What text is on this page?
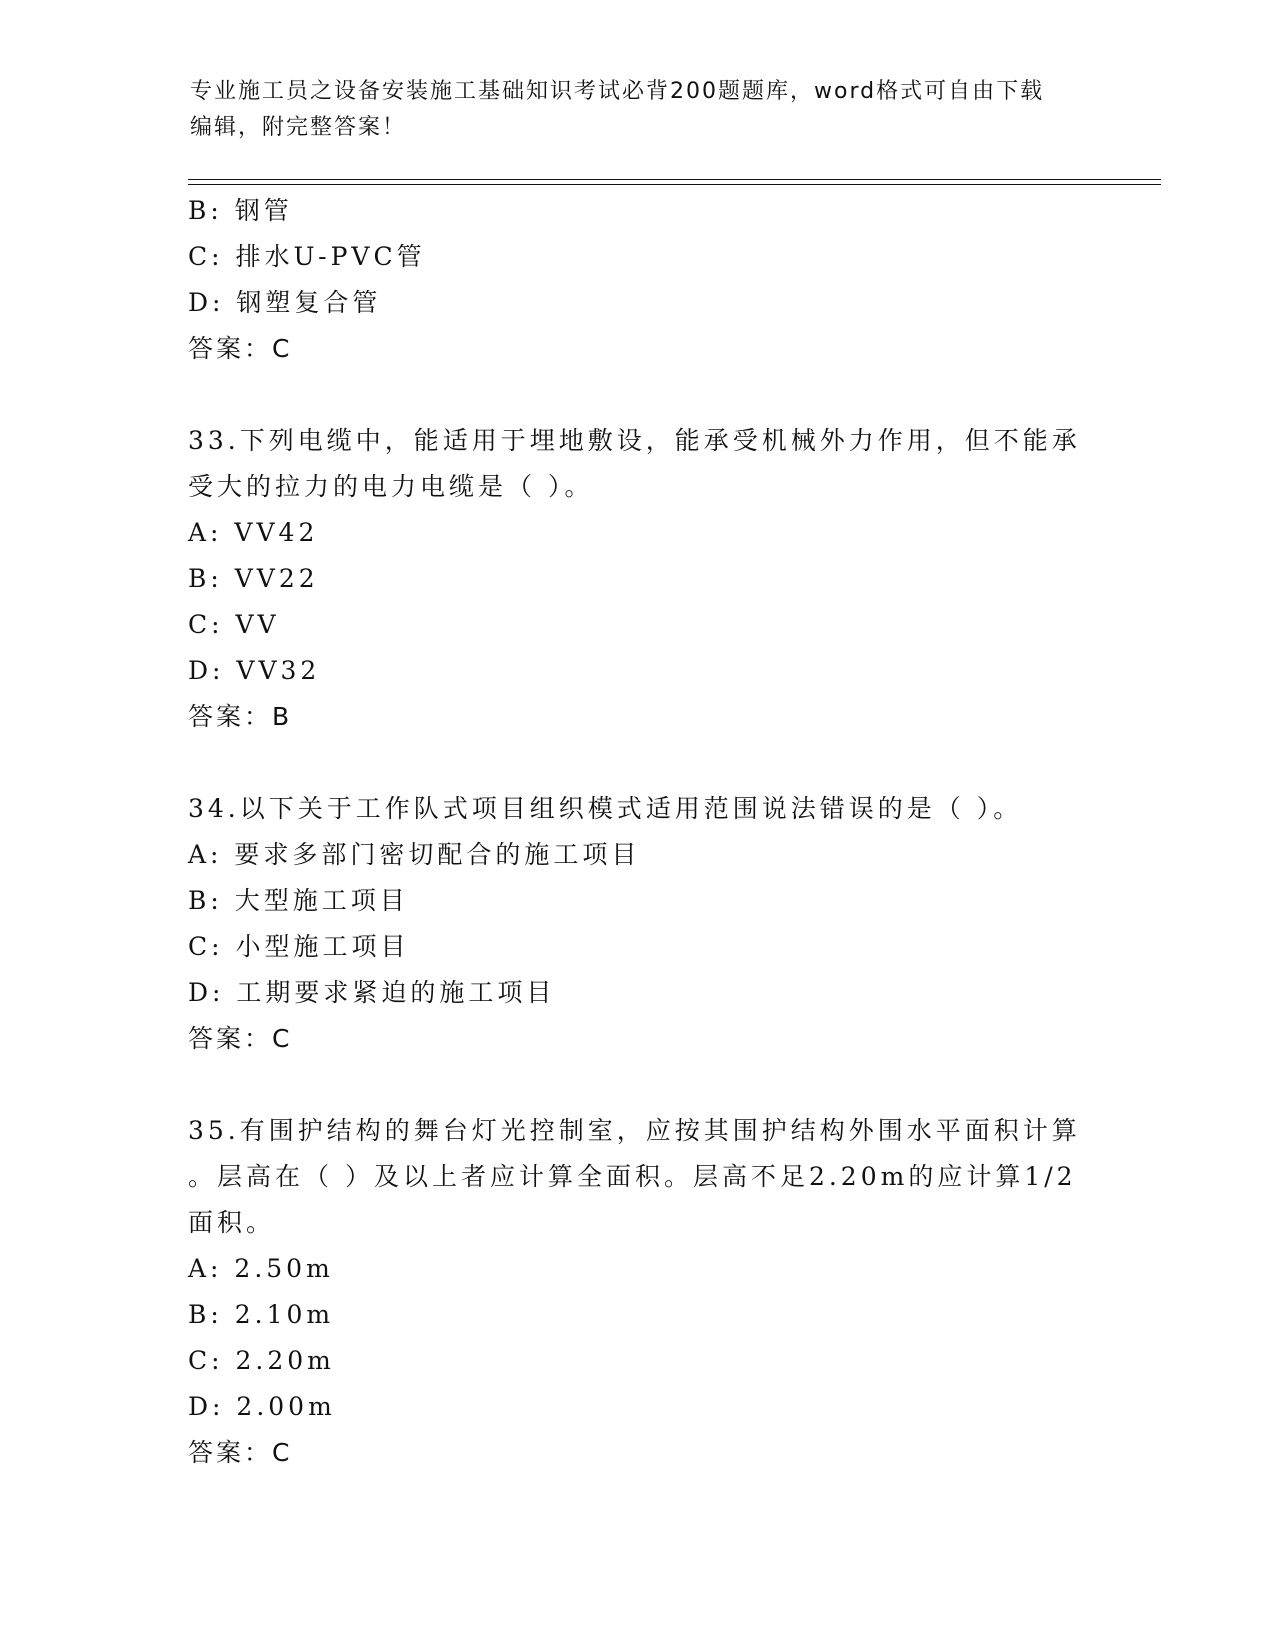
专业施工员之设备安装施工基础知识考试必背200题题库，word格式可自由下载
编辑，附完整答案！
B: 钢管
C: 排水U-PVC管
D: 钢塑复合管
答案：C
33.下列电缆中，能适用于埋地敷设，能承受机械外力作用，但不能承
受大的拉力的电力电缆是（ ）。
A: VV42
B: VV22
C: VV
D: VV32
答案：B
34.以下关于工作队式项目组织模式适用范围说法错误的是（ ）。
A: 要求多部门密切配合的施工项目
B: 大型施工项目
C: 小型施工项目
D: 工期要求紧迫的施工项目
答案：C
35.有围护结构的舞台灯光控制室，应按其围护结构外围水平面积计算
。层高在（ ）及以上者应计算全面积。层高不足2.20m的应计算1/2
面积。
A: 2.50m
B: 2.10m
C: 2.20m
D: 2.00m
答案：C
